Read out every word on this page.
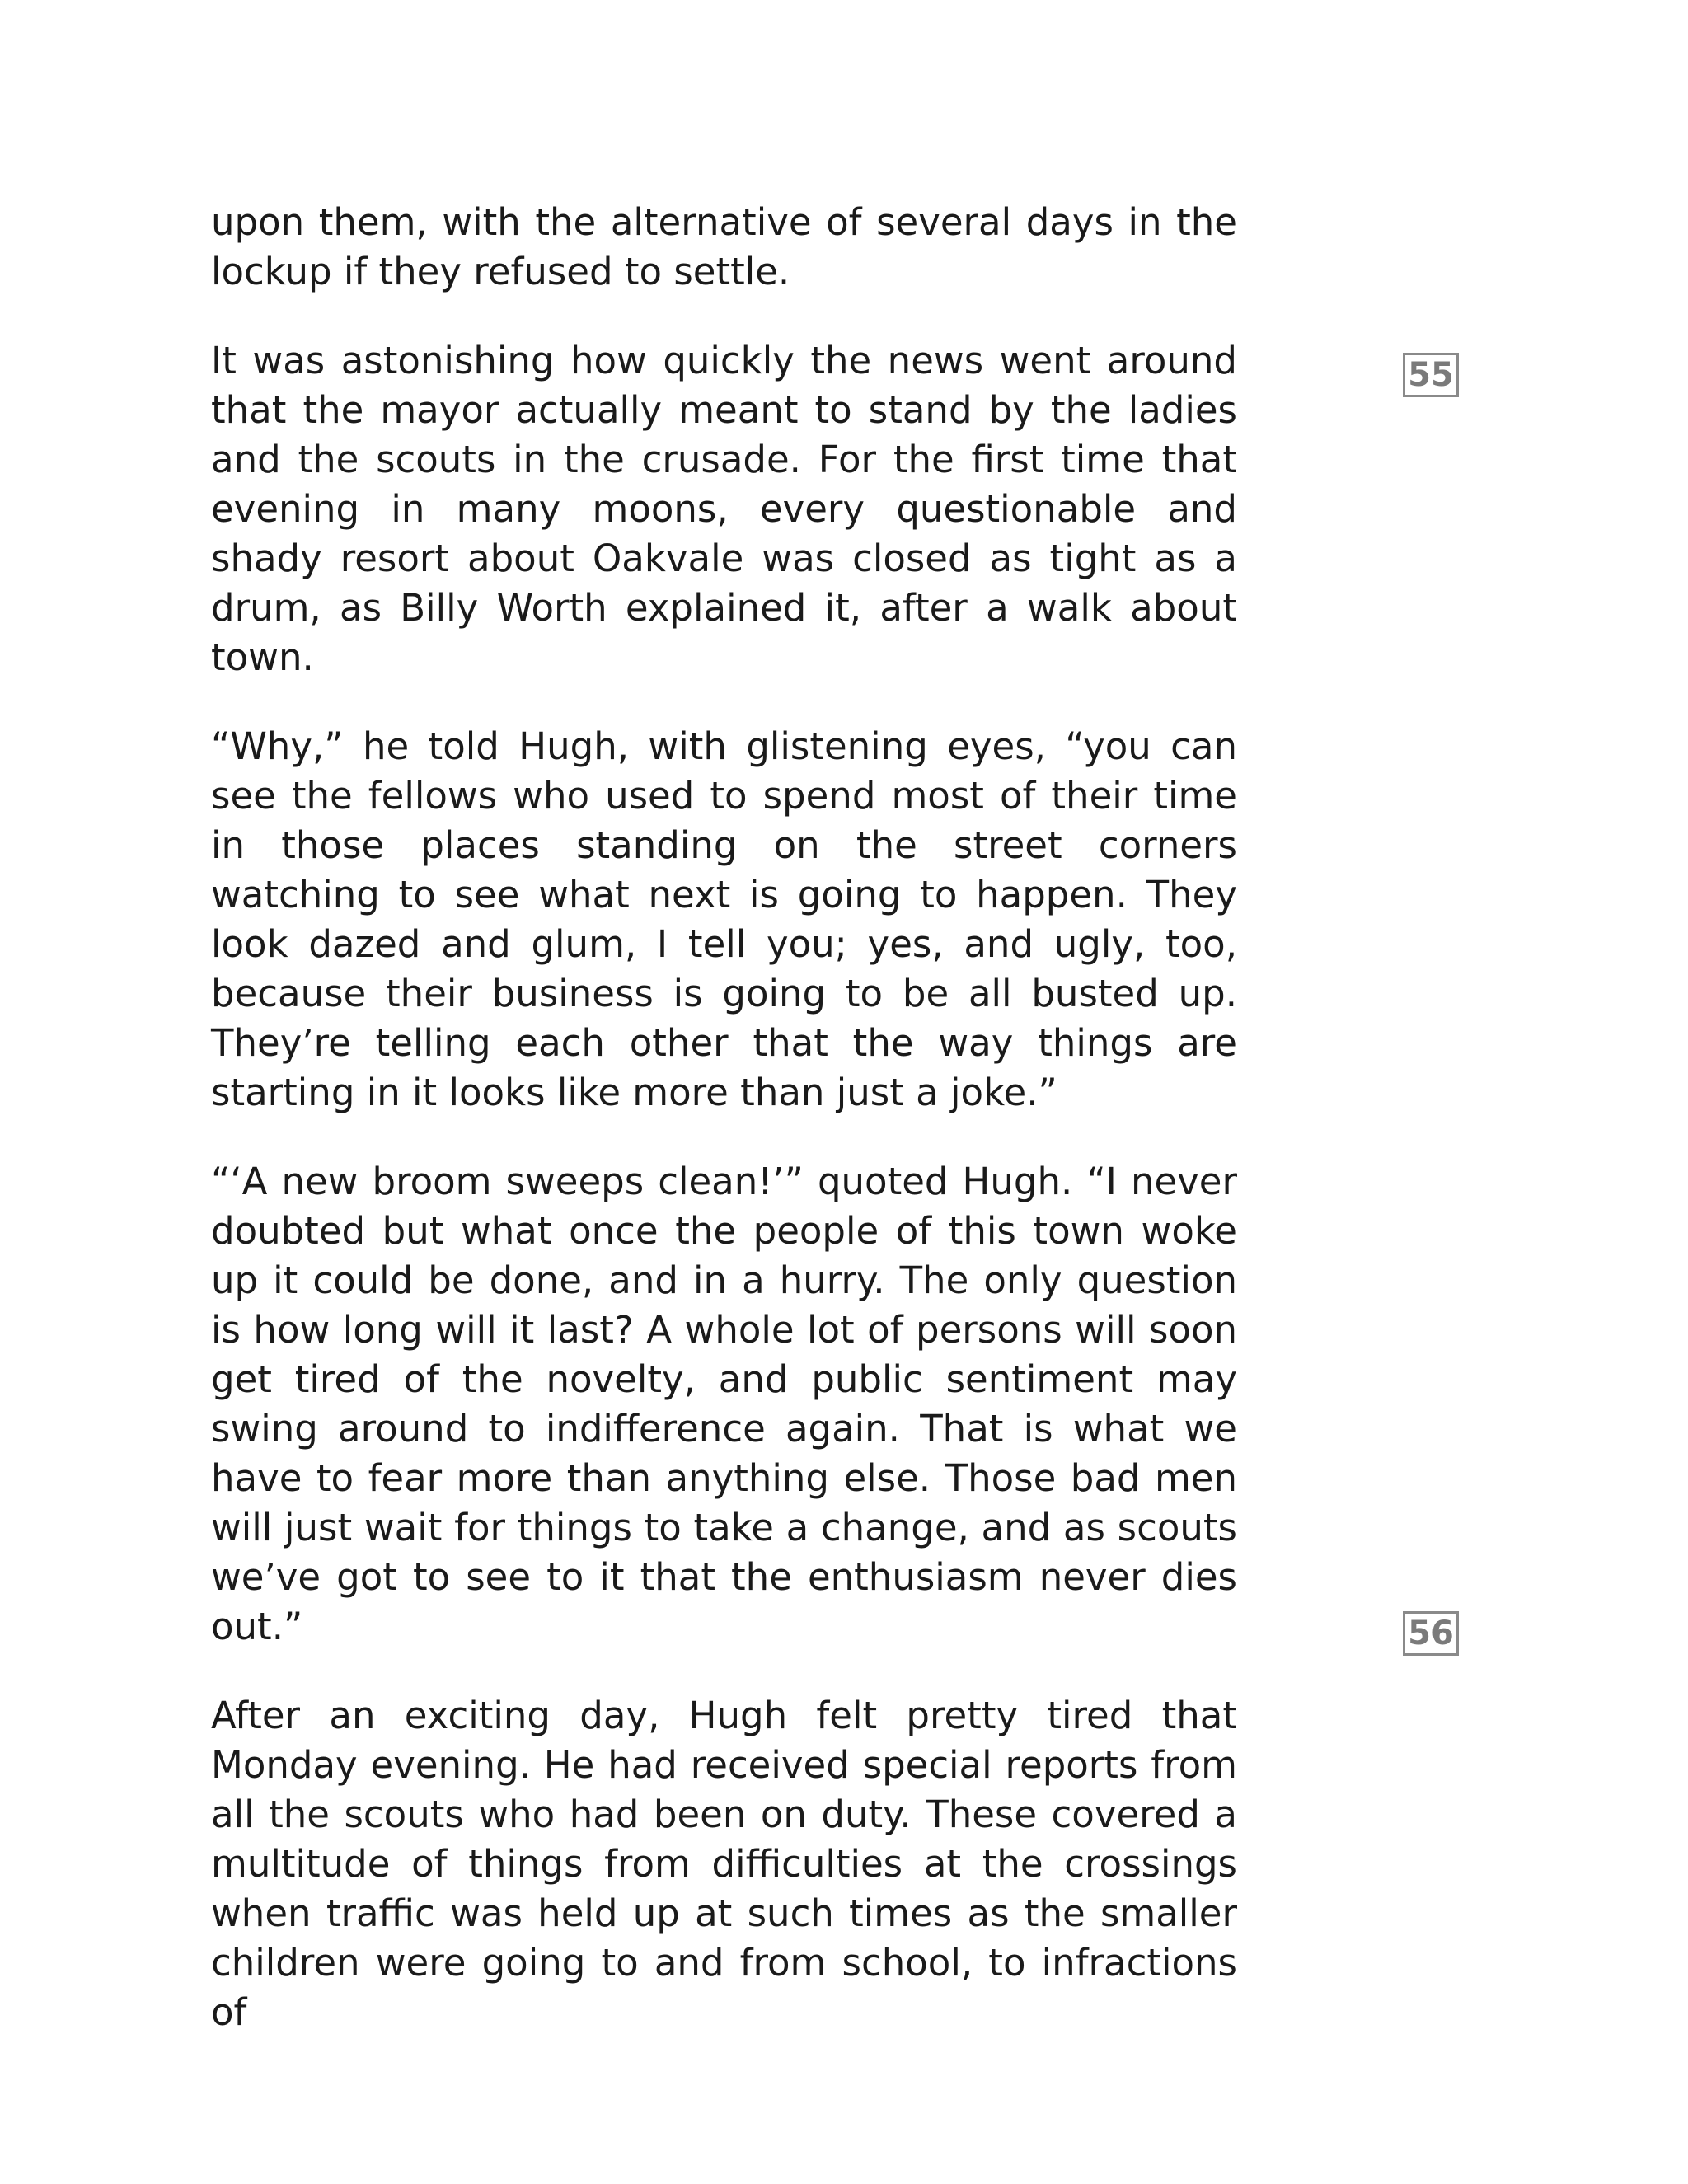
upon them, with the alternative of several days in the lockup if they refused to settle.

It was astonishing how quickly the news went around that the mayor actually meant to stand by the ladies and the scouts in the crusade. For the first time that evening in many moons, every questionable and shady resort about Oakvale was closed as tight as a drum, as Billy Worth explained it, after a walk about town.

“Why,” he told Hugh, with glistening eyes, “you can see the fellows who used to spend most of their time in those places standing on the street corners watching to see what next is going to happen. They look dazed and glum, I tell you; yes, and ugly, too, because their business is going to be all busted up. They’re telling each other that the way things are starting in it looks like more than just a joke.”

“‘A new broom sweeps clean!’” quoted Hugh. “I never doubted but what once the people of this town woke up it could be done, and in a hurry. The only question is how long will it last? A whole lot of persons will soon get tired of the novelty, and public sentiment may swing around to indifference again. That is what we have to fear more than anything else. Those bad men will just wait for things to take a change, and as scouts we’ve got to see to it that the enthusiasm never dies out.”

After an exciting day, Hugh felt pretty tired that Monday evening. He had received special reports from all the scouts who had been on duty. These covered a multitude of things from difficulties at the crossings when traffic was held up at such times as the smaller children were going to and from school, to infractions of

55
56
